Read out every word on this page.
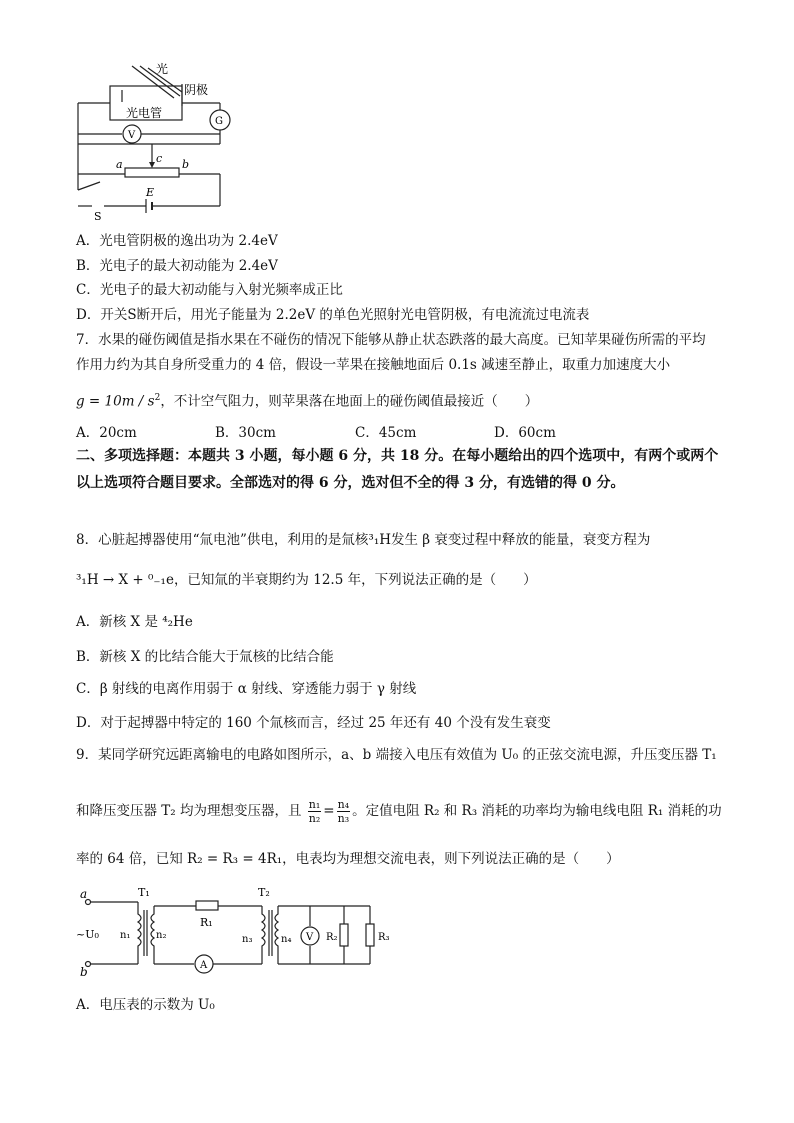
光
阴极
光电管
V
G
a	b
c
E
S
A．光电管阴极的逸出功为 2.4eV
B．光电子的最大初动能为 2.4eV
C．光电子的最大初动能与入射光频率成正比
D．开关S断开后，用光子能量为 2.2eV 的单色光照射光电管阴极，有电流流过电流表
7．水果的碰伤阈值是指水果在不碰伤的情况下能够从静止状态跌落的最大高度。已知苹果碰伤所需的平均
作用力约为其自身所受重力的 4 倍，假设一苹果在接触地面后 0.1s 减速至静止，取重力加速度大小
$g = 10m / s^2$，不计空气阻力，则苹果落在地面上的碰伤阈值最接近（　　）
A．20cm	B．30cm	C．45cm	D．60cm
二、多项选择题：本题共 3 小题，每小题 6 分，共 18 分。在每小题给出的四个选项中，有两个或两个以上选项符合题目要求。全部选对的得 6 分，选对但不全的得 3 分，有选错的得 0 分。
8．心脏起搏器使用“氚电池”供电，利用的是氚核³₁H发生 β 衰变过程中释放的能量，衰变方程为
³₁H → X + ⁰₋₁e，已知氚的半衰期约为 12.5 年，下列说法正确的是（　　）
A．新核 X 是 ⁴₂He
B．新核 X 的比结合能大于氚核的比结合能
C．β 射线的电离作用弱于 α 射线、穿透能力弱于 γ 射线
D．对于起搏器中特定的 160 个氚核而言，经过 25 年还有 40 个没有发生衰变
9．某同学研究远距离输电的电路如图所示，a、b 端接入电压有效值为 U₀ 的正弦交流电源，升压变压器 T₁
和降压变压器 T₂ 均为理想变压器，且 $\frac{\text{n₁}}{\text{n₂}} = \frac{\text{n₄}}{\text{n₃}}$ 。定值电阻 R₂ 和 R₃ 消耗的功率均为输电线电阻 R₁ 消耗的功
率的 64 倍，已知 R₂ = R₃ = 4R₁，电表均为理想交流电表，则下列说法正确的是（　　）
a
b
~U₀
T₁	T₂
R₁
n₁	n₂	n₃	n₄ V R₂	R₃
A
A．电压表的示数为 U₀
